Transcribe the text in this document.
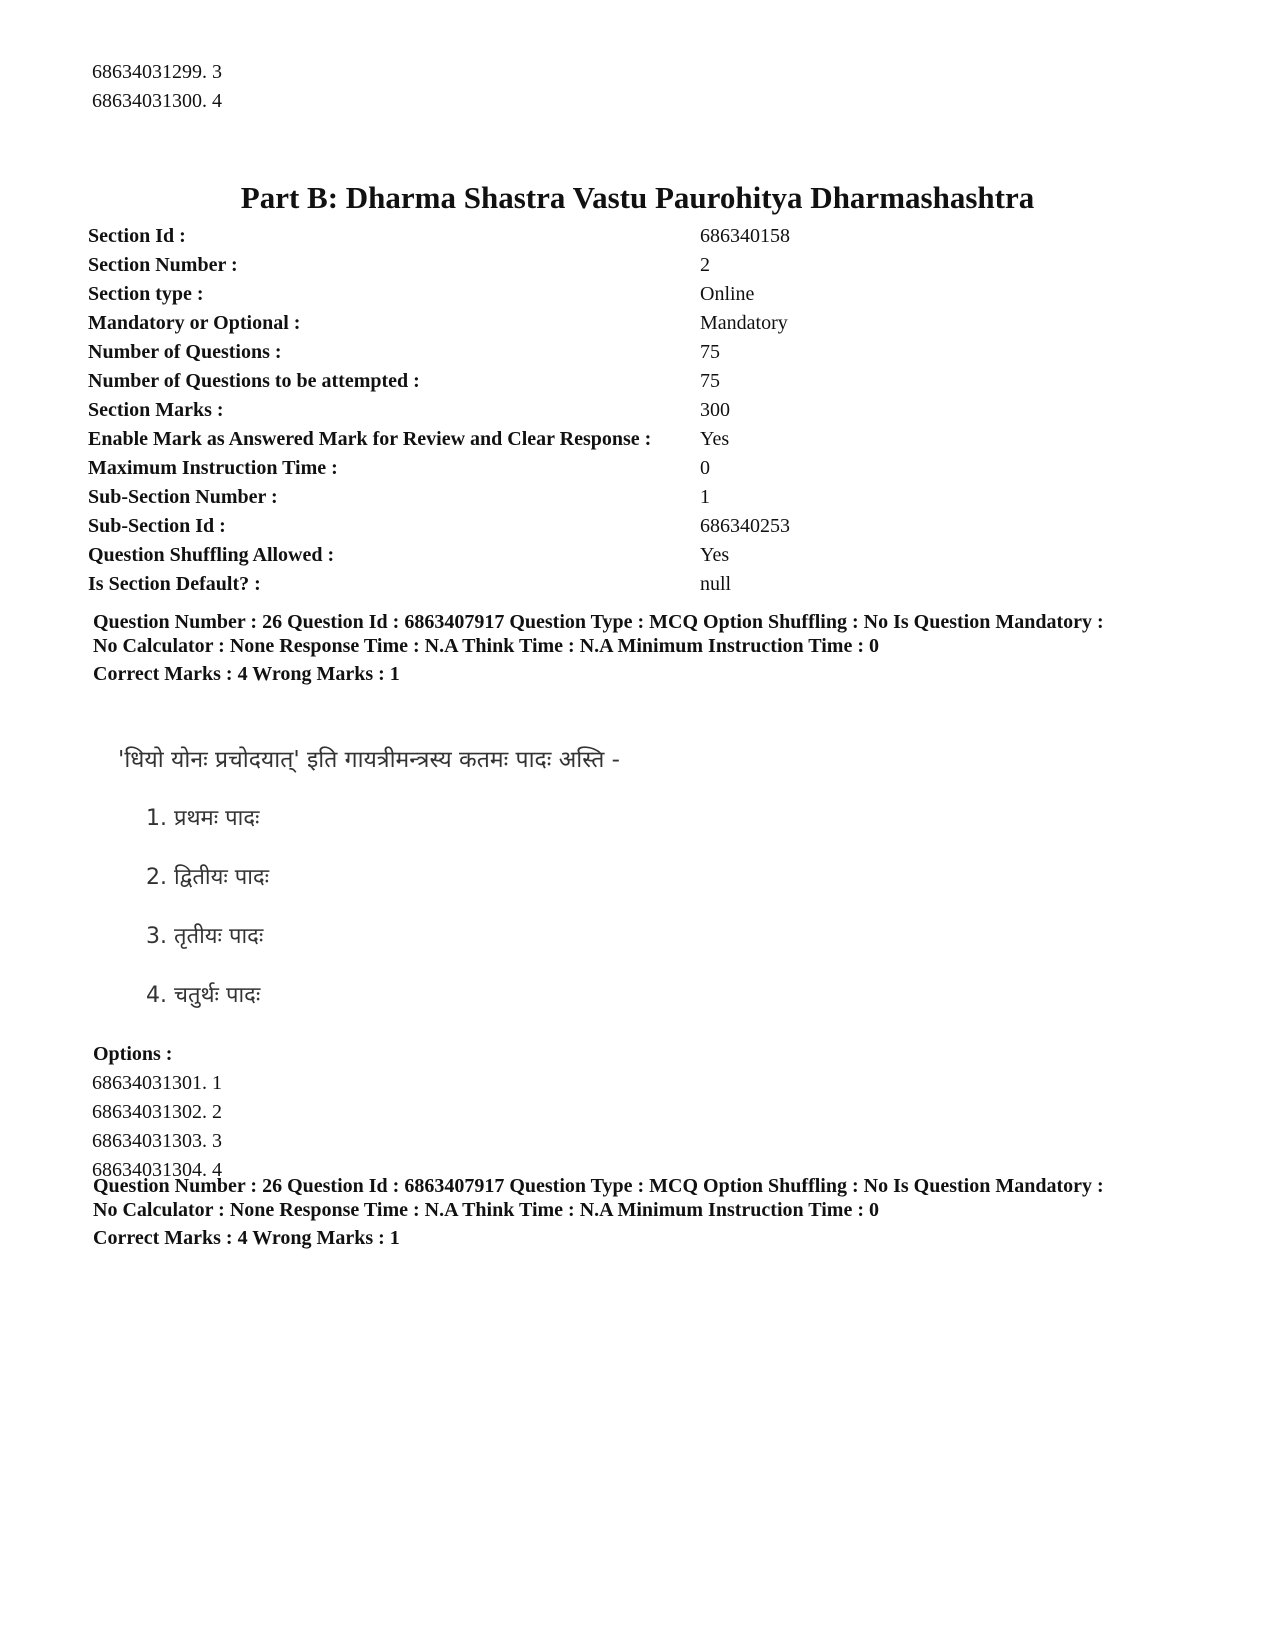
68634031299. 3
68634031300. 4
Part B: Dharma Shastra Vastu Paurohitya Dharmashashtra
Section Id :	686340158
Section Number :	2
Section type :	Online
Mandatory or Optional :	Mandatory
Number of Questions :	75
Number of Questions to be attempted :	75
Section Marks :	300
Enable Mark as Answered Mark for Review and Clear Response :	Yes
Maximum Instruction Time :	0
Sub-Section Number :	1
Sub-Section Id :	686340253
Question Shuffling Allowed :	Yes
Is Section Default? :	null
Question Number : 26 Question Id : 6863407917 Question Type : MCQ Option Shuffling : No Is Question Mandatory :
No Calculator : None Response Time : N.A Think Time : N.A Minimum Instruction Time : 0
Correct Marks : 4 Wrong Marks : 1
'धियो योनः प्रचोदयात्' इति गायत्रीमन्त्रस्य कतमः पादः अस्ति -
1. प्रथमः पादः
2. द्वितीयः पादः
3. तृतीयः पादः
4. चतुर्थः पादः
Options :
68634031301. 1
68634031302. 2
68634031303. 3
68634031304. 4
Question Number : 26 Question Id : 6863407917 Question Type : MCQ Option Shuffling : No Is Question Mandatory :
No Calculator : None Response Time : N.A Think Time : N.A Minimum Instruction Time : 0
Correct Marks : 4 Wrong Marks : 1
